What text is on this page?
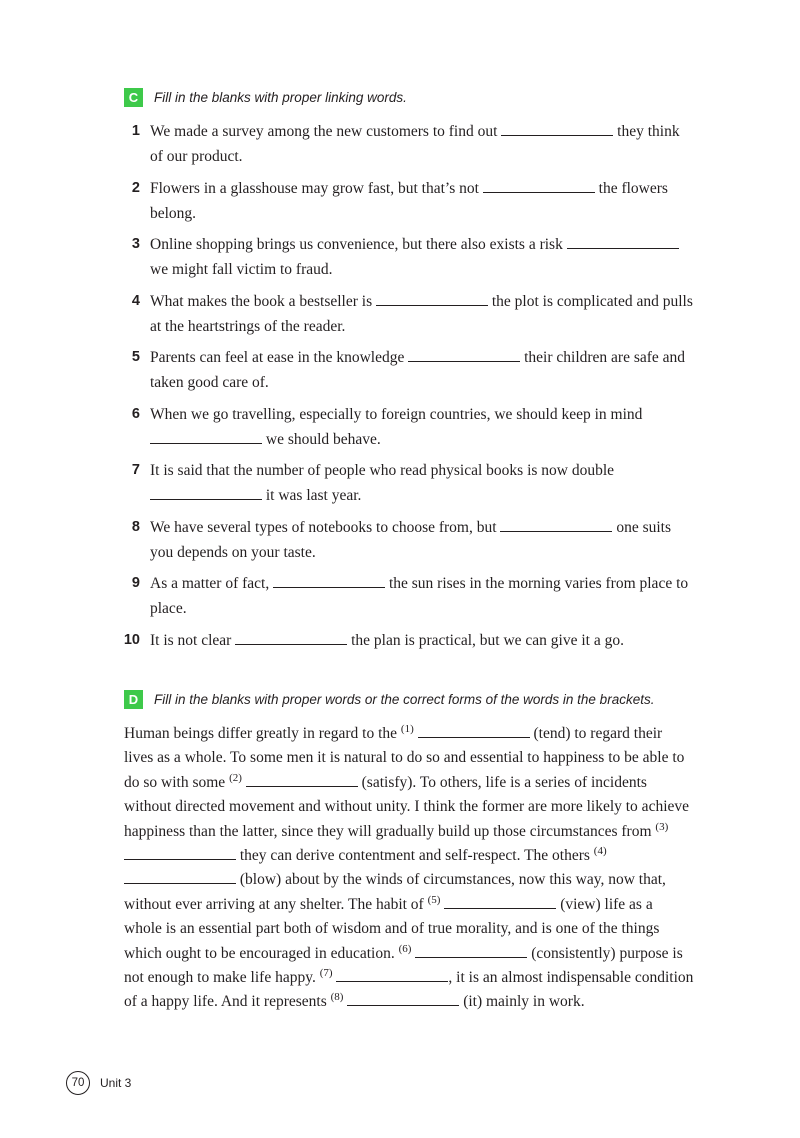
C	Fill in the blanks with proper linking words.
1 We made a survey among the new customers to find out	they think of our product.
2 Flowers in a glasshouse may grow fast, but that’s not	the flowers belong.
3 Online shopping brings us convenience, but there also exists a risk  we might fall victim to fraud.
4 What makes the book a bestseller is	the plot is complicated and pulls at the heartstrings of the reader.
5 Parents can feel at ease in the knowledge	their children are safe and taken good care of.
6 When we go travelling, especially to foreign countries, we should keep in mind  we should behave.
7 It is said that the number of people who read physical books is now double  it was last year.
8 We have several types of notebooks to choose from, but	one suits you depends on your taste.
9 As a matter of fact,	the sun rises in the morning varies from place to place.
10 It is not clear	the plan is practical, but we can give it a go.
D	Fill in the blanks with proper words or the correct forms of the words in the brackets.
Human beings differ greatly in regard to the $^{(1)}$	(tend) to regard their lives as a whole. To some men it is natural to do so and essential to happiness to be able to do so with some $^{(2)}$	(satisfy). To others, life is a series of incidents without directed movement and without unity. I think the former are more likely to achieve happiness than the latter, since they will gradually build up those circumstances from $^{(3)}$  they can derive contentment and self-respect. The others $^{(4)}$  (blow) about by the winds of circumstances, now this way, now that, without ever arriving at any shelter. The habit of $^{(5)}$	(view) life as a whole is an essential part both of wisdom and of true morality, and is one of the things which ought to be encouraged in education. $^{(6)}$	(consistently) purpose is not enough to make life happy. $^{(7)}$	, it is an almost indispensable condition of a happy life. And it represents $^{(8)}$	(it) mainly in work.
70	Unit 3
